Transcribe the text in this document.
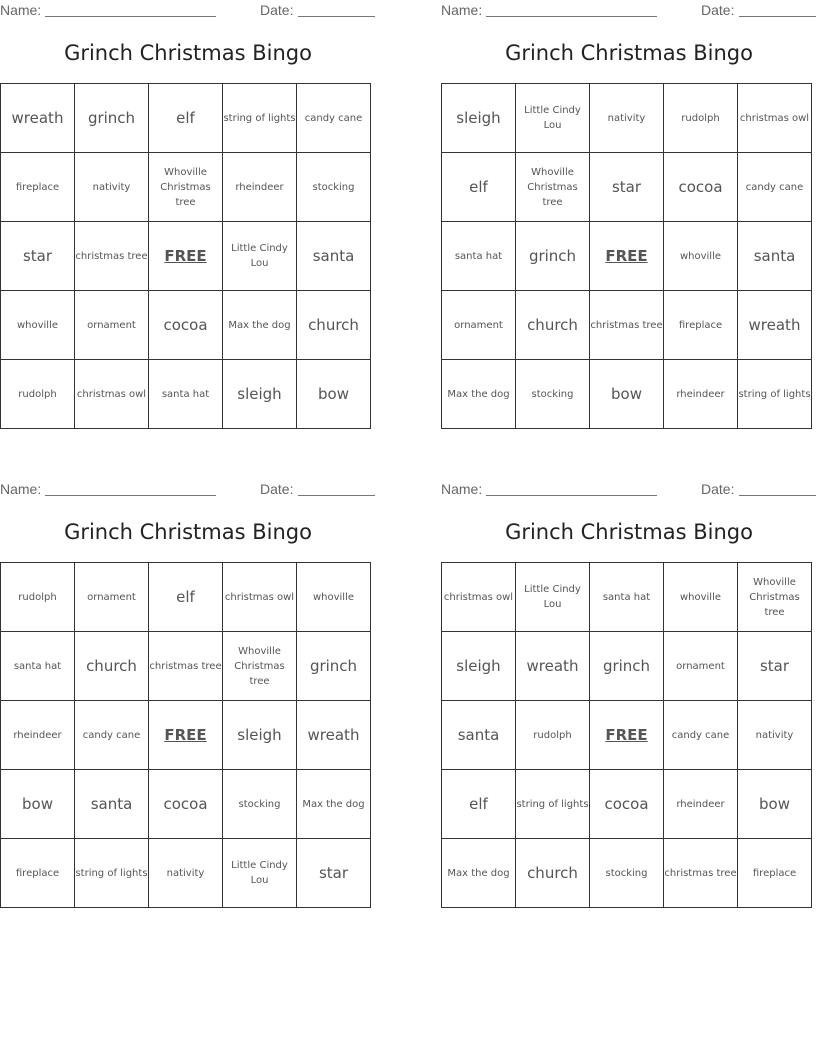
Name:	Date:
Grinch Christmas Bingo
wreath	grinch	elf	string of lights	candy cane
fireplace	nativity	Whoville Christmas tree	rheindeer	stocking
star	christmas tree	FREE	Little Cindy Lou	santa
whoville	ornament	cocoa	Max the dog	church
rudolph	christmas owl	santa hat	sleigh	bow
Name:	Date:
Grinch Christmas Bingo
sleigh	Little Cindy Lou	nativity	rudolph	christmas owl
elf	Whoville Christmas tree	star	cocoa	candy cane
santa hat	grinch	FREE	whoville	santa
ornament	church	christmas tree	fireplace	wreath
Max the dog	stocking	bow	rheindeer	string of lights
Name:	Date:
Grinch Christmas Bingo
rudolph	ornament	elf	christmas owl	whoville
santa hat	church	christmas tree	Whoville Christmas tree	grinch
rheindeer	candy cane	FREE	sleigh	wreath
bow	santa	cocoa	stocking	Max the dog
fireplace	string of lights	nativity	Little Cindy Lou	star
Name:	Date:
Grinch Christmas Bingo
christmas owl	Little Cindy Lou	santa hat	whoville	Whoville Christmas tree
sleigh	wreath	grinch	ornament	star
santa	rudolph	FREE	candy cane	nativity
elf	string of lights	cocoa	rheindeer	bow
Max the dog	church	stocking	christmas tree	fireplace
